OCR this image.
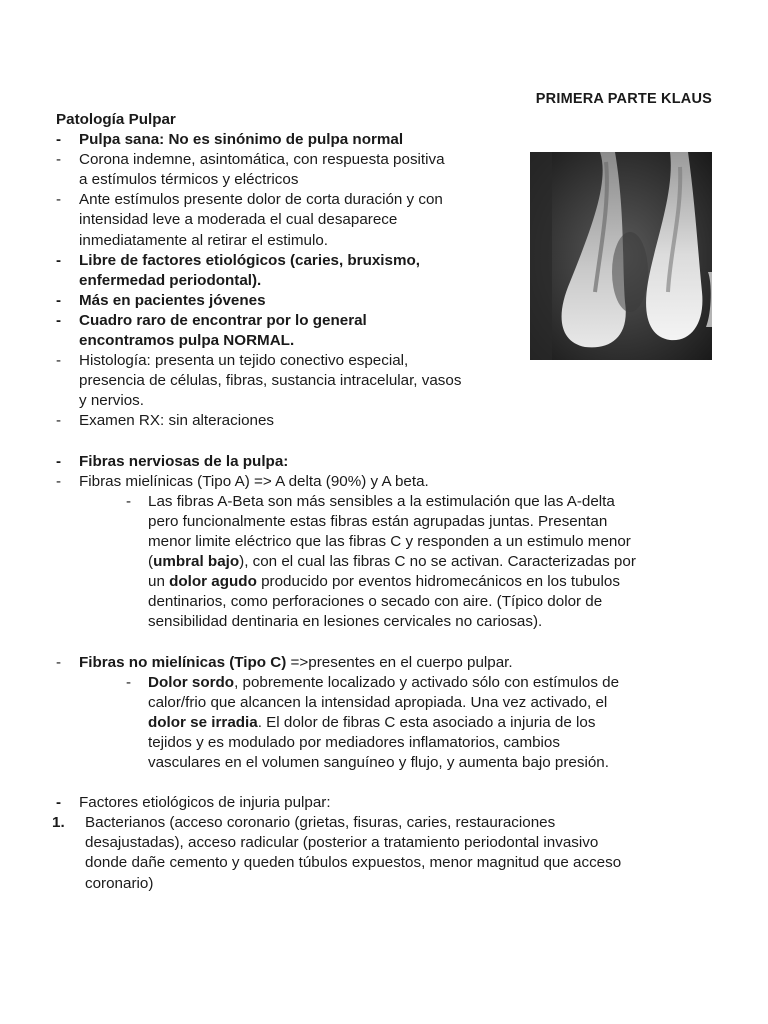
PRIMERA PARTE KLAUS
Patología Pulpar
- Pulpa sana: No es sinónimo de pulpa normal
- Corona indemne, asintomática, con respuesta positiva
a estímulos térmicos y eléctricos
- Ante estímulos presente dolor de corta duración y con
intensidad leve a moderada el cual desaparece
inmediatamente al retirar el estimulo.
- Libre de factores etiológicos (caries, bruxismo,
enfermedad periodontal).
- Más en pacientes jóvenes
- Cuadro raro de encontrar por lo general
encontramos pulpa NORMAL.
- Histología: presenta un tejido conectivo especial,
presencia de células, fibras, sustancia intracelular, vasos
y nervios.
- Examen RX: sin alteraciones
- Fibras nerviosas de la pulpa:
- Fibras mielínicas (Tipo A) => A delta (90%) y A beta.
- Las fibras A-Beta son más sensibles a la estimulación que las A-delta
pero funcionalmente estas fibras están agrupadas juntas. Presentan
menor limite eléctrico que las fibras C y responden a un estimulo menor
(umbral bajo), con el cual las fibras C no se activan. Caracterizadas por
un dolor agudo producido por eventos hidromecánicos en los tubulos
dentinarios, como perforaciones o secado con aire. (Típico dolor de
sensibilidad dentinaria en lesiones cervicales no cariosas).
- Fibras no mielínicas (Tipo C) =>presentes en el cuerpo pulpar.
- Dolor sordo, pobremente localizado y activado sólo con estímulos de
calor/frio que alcancen la intensidad apropiada. Una vez activado, el
dolor se irradia. El dolor de fibras C esta asociado a injuria de los
tejidos y es modulado por mediadores inflamatorios, cambios
vasculares en el volumen sanguíneo y flujo, y aumenta bajo presión.
- Factores etiológicos de injuria pulpar:
1. Bacterianos (acceso coronario (grietas, fisuras, caries, restauraciones
desajustadas), acceso radicular (posterior a tratamiento periodontal invasivo
donde dañe cemento y queden túbulos expuestos, menor magnitud que acceso
coronario)
